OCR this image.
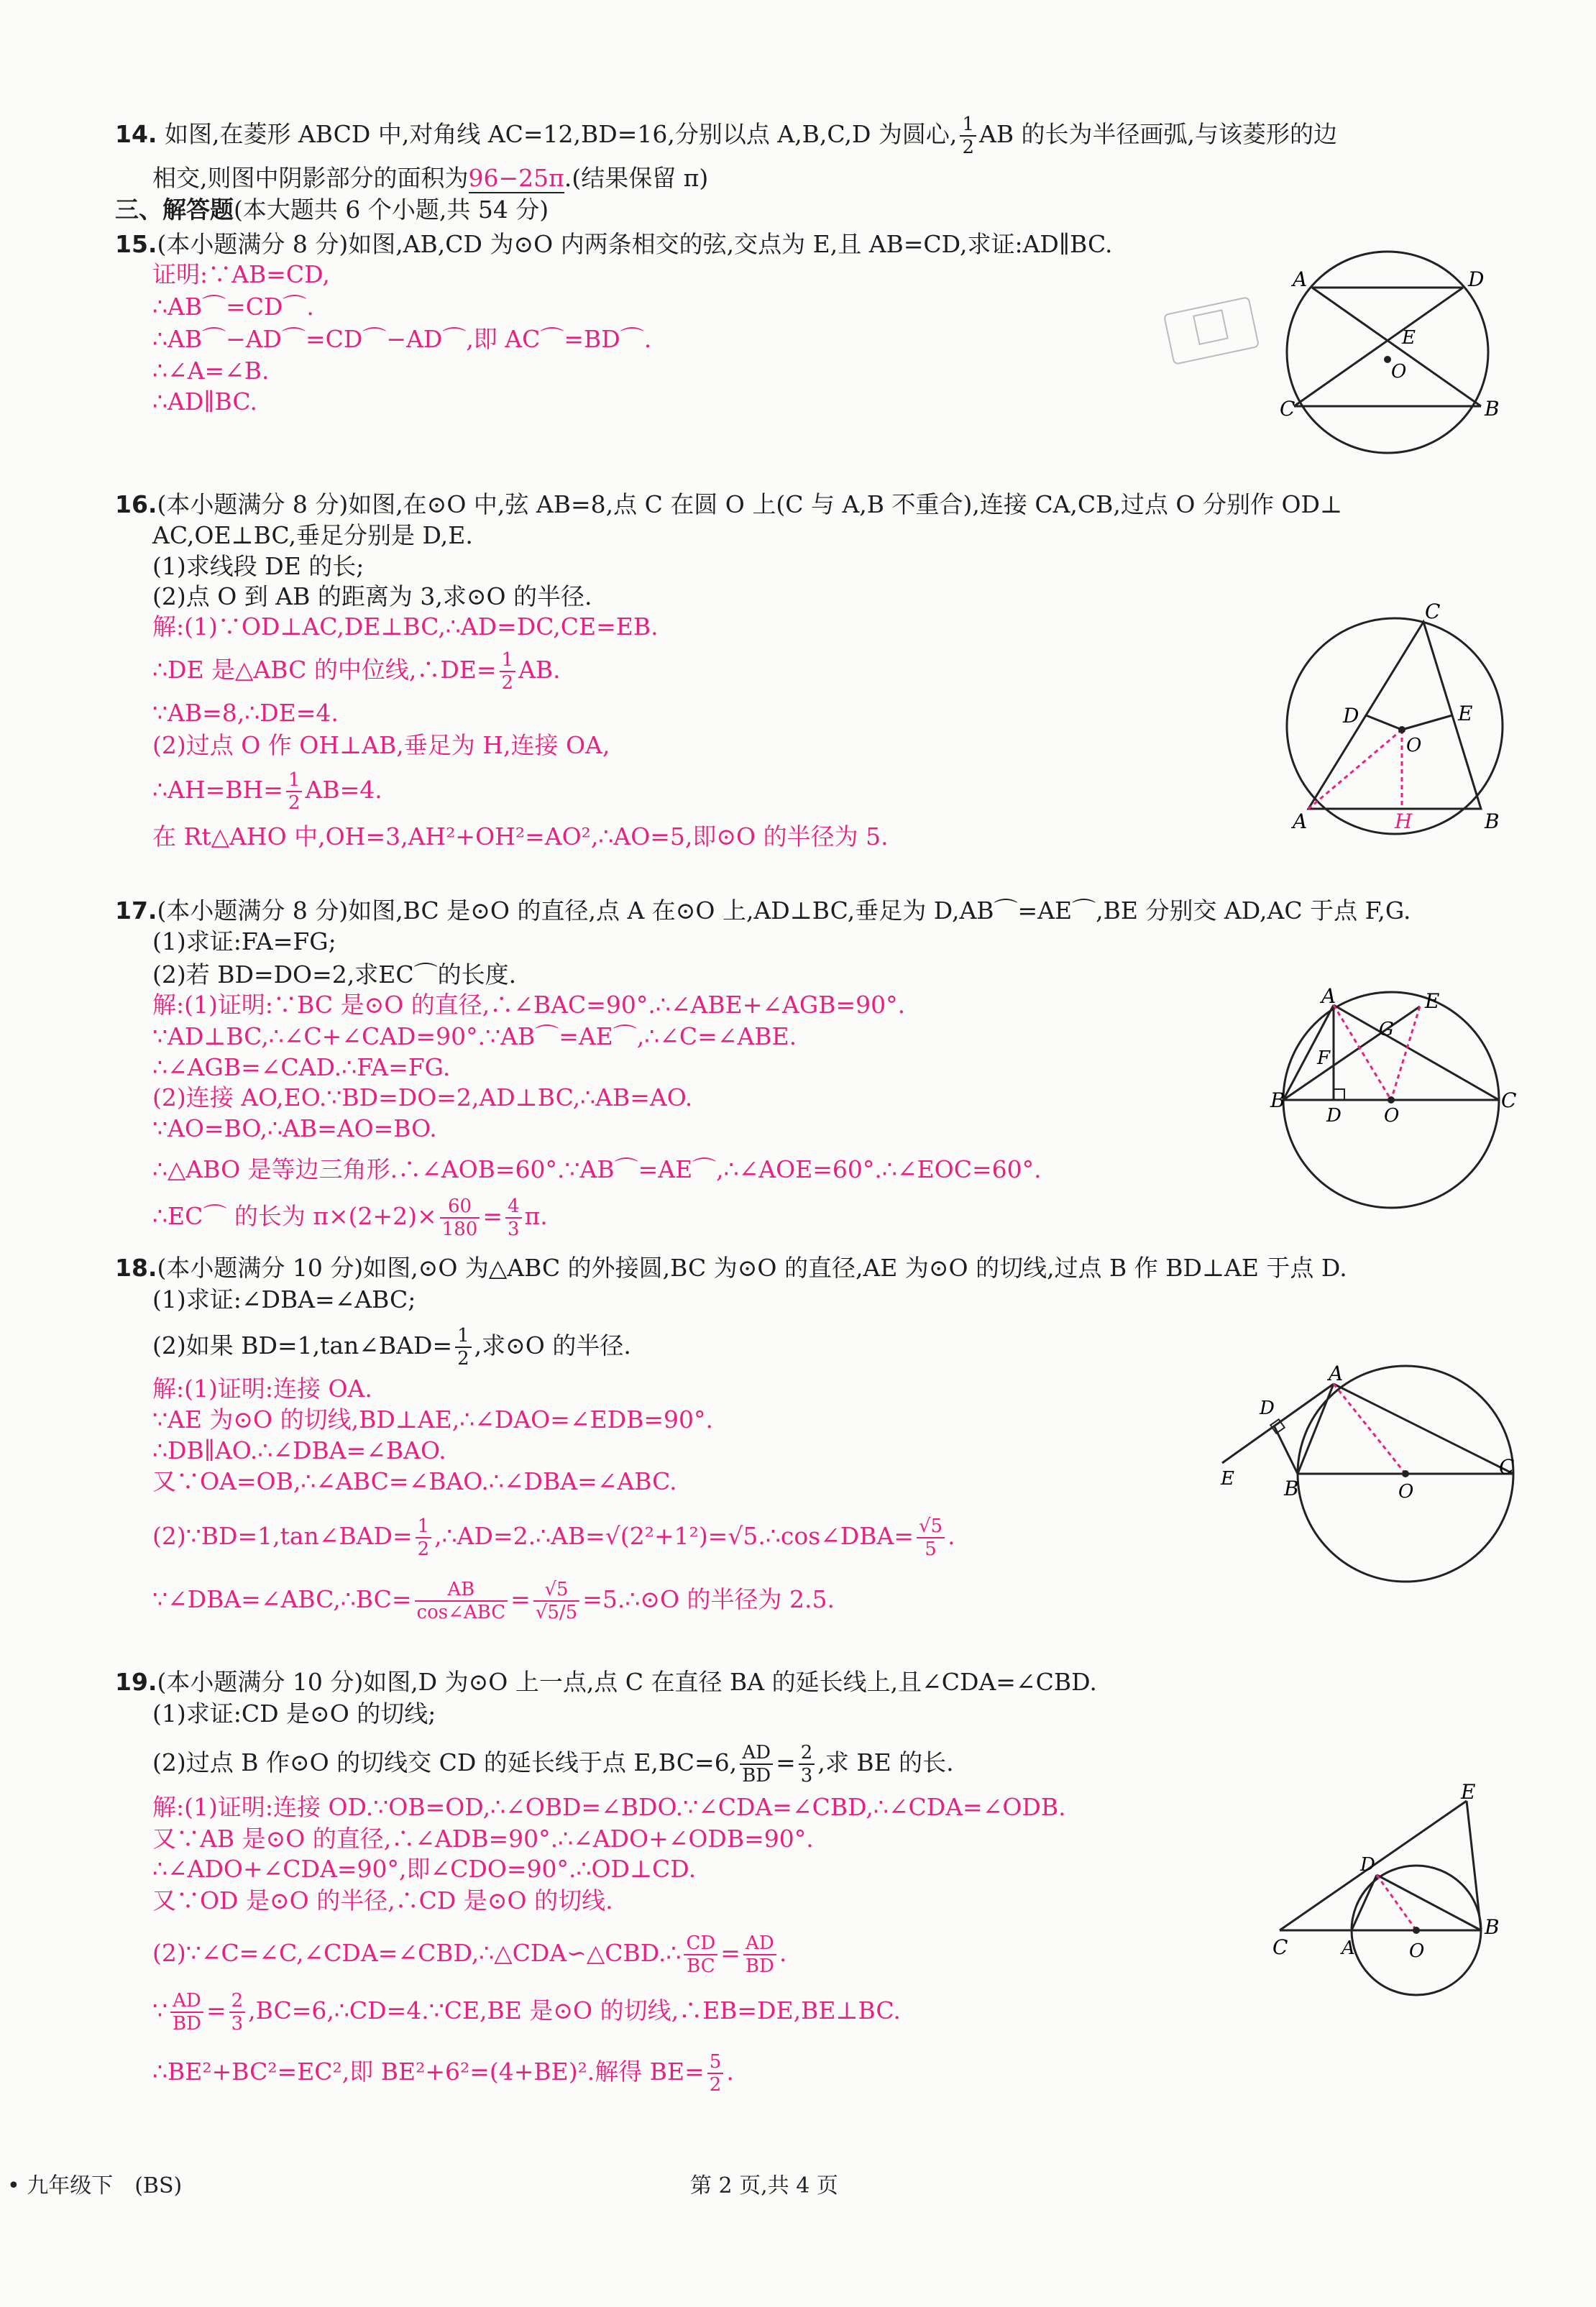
14. 如图,在菱形 ABCD 中,对角线 AC=12,BD=16,分别以点 A,B,C,D 为圆心, $\frac{1}{2}$ AB 的长为半径画弧,与该菱形的边
相交,则图中阴影部分的面积为96−25π.(结果保留 π)
三、解答题(本大题共 6 个小题,共 54 分)
15.(本小题满分 8 分)如图,AB,CD 为⊙O 内两条相交的弦,交点为 E,且 AB=CD,求证:AD∥BC.
证明:∵AB=CD,
∴AB⌒=CD⌒.
∴AB⌒−AD⌒=CD⌒−AD⌒,即 AC⌒=BD⌒.
∴∠A=∠B.
∴AD∥BC.
A	D
C	B
E
O
16.(本小题满分 8 分)如图,在⊙O 中,弦 AB=8,点 C 在圆 O 上(C 与 A,B 不重合),连接 CA,CB,过点 O 分别作 OD⊥
AC,OE⊥BC,垂足分别是 D,E.
(1)求线段 DE 的长;
(2)点 O 到 AB 的距离为 3,求⊙O 的半径.
解:(1)∵OD⊥AC,DE⊥BC,∴AD=DC,CE=EB.
∴DE 是△ABC 的中位线,∴DE= $\frac{1}{2}$ AB.
∵AB=8,∴DE=4.
(2)过点 O 作 OH⊥AB,垂足为 H,连接 OA,
∴AH=BH= $\frac{1}{2} AB=4$.
在 Rt△AHO 中,OH=3,AH²+OH²=AO²,∴AO=5,即⊙O 的半径为 5.
C
D	E
O
A	H	B
17.(本小题满分 8 分)如图,BC 是⊙O 的直径,点 A 在⊙O 上,AD⊥BC,垂足为 D,AB⌒=AE⌒,BE 分别交 AD,AC 于点 F,G.
(1)求证:FA=FG;
(2)若 BD=DO=2,求EC⌒的长度.
解:(1)证明:∵BC 是⊙O 的直径,∴∠BAC=90°.∴∠ABE+∠AGB=90°.
∵AD⊥BC,∴∠C+∠CAD=90°.∵AB⌒=AE⌒,∴∠C=∠ABE.
∴∠AGB=∠CAD.∴FA=FG.
(2)连接 AO,EO.∵BD=DO=2,AD⊥BC,∴AB=AO.
∵AO=BO,∴AB=AO=BO.
∴△ABO 是等边三角形.∴∠AOB=60°.∵AB⌒=AE⌒,∴∠AOE=60°.∴∠EOC=60°.
∴EC⌒ 的长为 $\pi\times(2+2)\times \frac{60}{180} = \frac{4}{3} \pi$.
A	E
G
F
B
D O
C
18.(本小题满分 10 分)如图,⊙O 为△ABC 的外接圆,BC 为⊙O 的直径,AE 为⊙O 的切线,过点 B 作 BD⊥AE 于点 D.
(1)求证:∠DBA=∠ABC;
(2)如果 BD=1,tan∠BAD= $\frac{1}{2}$ ,求⊙O 的半径.
解:(1)证明:连接 OA.
∵AE 为⊙O 的切线,BD⊥AE,∴∠DAO=∠EDB=90°.
∴DB∥AO.∴∠DBA=∠BAO.
又∵OA=OB,∴∠ABC=∠BAO.∴∠DBA=∠ABC.
(2)∵BD=1,tan∠BAD= $\frac{1}{2}$ ,∴AD=2.∴AB=√(2²+1²)=√5.∴cos∠DBA= $\frac{√5}{5}$ .
∵∠DBA=∠ABC,∴BC= $\frac{AB}{\text{cos∠ABC}} = \frac{√5}{√5/5}$ =5.∴⊙O 的半径为 2.5.
A
D
E B	O
C
19.(本小题满分 10 分)如图,D 为⊙O 上一点,点 C 在直径 BA 的延长线上,且∠CDA=∠CBD.
(1)求证:CD 是⊙O 的切线;
(2)过点 B 作⊙O 的切线交 CD 的延长线于点 E,BC=6, $\frac{AD}{BD} = \frac{2}{3}$ ,求 BE 的长.
解:(1)证明:连接 OD.∵OB=OD,∴∠OBD=∠BDO.∵∠CDA=∠CBD,∴∠CDA=∠ODB.
又∵AB 是⊙O 的直径,∴∠ADB=90°.∴∠ADO+∠ODB=90°.
∴∠ADO+∠CDA=90°,即∠CDO=90°.∴OD⊥CD.
又∵OD 是⊙O 的半径,∴CD 是⊙O 的切线.
(2)∵∠C=∠C,∠CDA=∠CBD,∴△CDA∽△CBD.∴ $\frac{CD}{BC} = \frac{AD}{BD}$ .
∵ $\frac{AD}{BD} = \frac{2}{3}$ ,BC=6,∴CD=4.∵CE,BE 是⊙O 的切线,∴EB=DE,BE⊥BC.
∴BE²+BC²=EC²,即 BE²+6²=(4+BE)².解得 $BE= \frac{5}{2}$ .
E
D
C	A	O
B
• 九年级下　(BS)	第 2 页,共 4 页
